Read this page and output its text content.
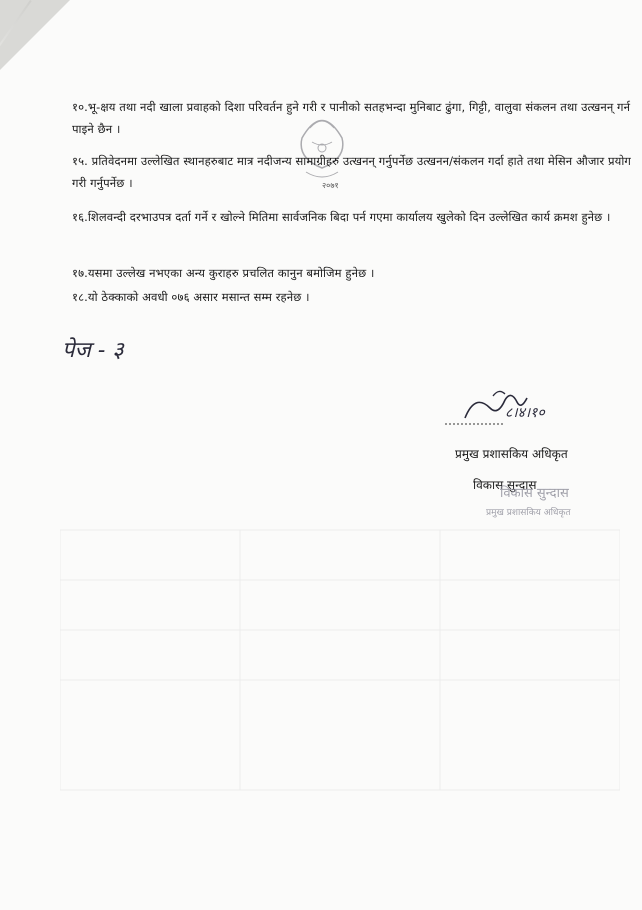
२०७१
१०.भू-क्षय तथा नदी खाला प्रवाहको दिशा परिवर्तन हुने गरी र पानीको सतहभन्दा मुनिबाट ढुंगा, गिट्टी, वालुवा संकलन तथा उत्खनन् गर्न पाइने छैन ।
१५. प्रतिवेदनमा उल्लेखित स्थानहरुबाट मात्र नदीजन्य सामाग्रीहरु उत्खनन् गर्नुपर्नेछ उत्खनन/संकलन गर्दा हाते तथा मेसिन औजार प्रयोग गरी गर्नुपर्नेछ ।
१६.शिलवन्दी दरभाउपत्र दर्ता गर्ने र खोल्ने मितिमा सार्वजनिक बिदा पर्न गएमा कार्यालय खुलेको दिन उल्लेखित कार्य क्रमश हुनेछ ।
१७.यसमा उल्लेख नभएका अन्य कुराहरु प्रचलित कानुन बमोजिम हुनेछ ।
१८.यो ठेक्काको अवधी ०७६ असार मसान्त सम्म रहनेछ ।
पेज - ३
८।४।१०
प्रमुख प्रशासकिय अधिकृत
विकास सुन्दास
विकास सुन्दास
प्रमुख प्रशासकिय अधिकृत
